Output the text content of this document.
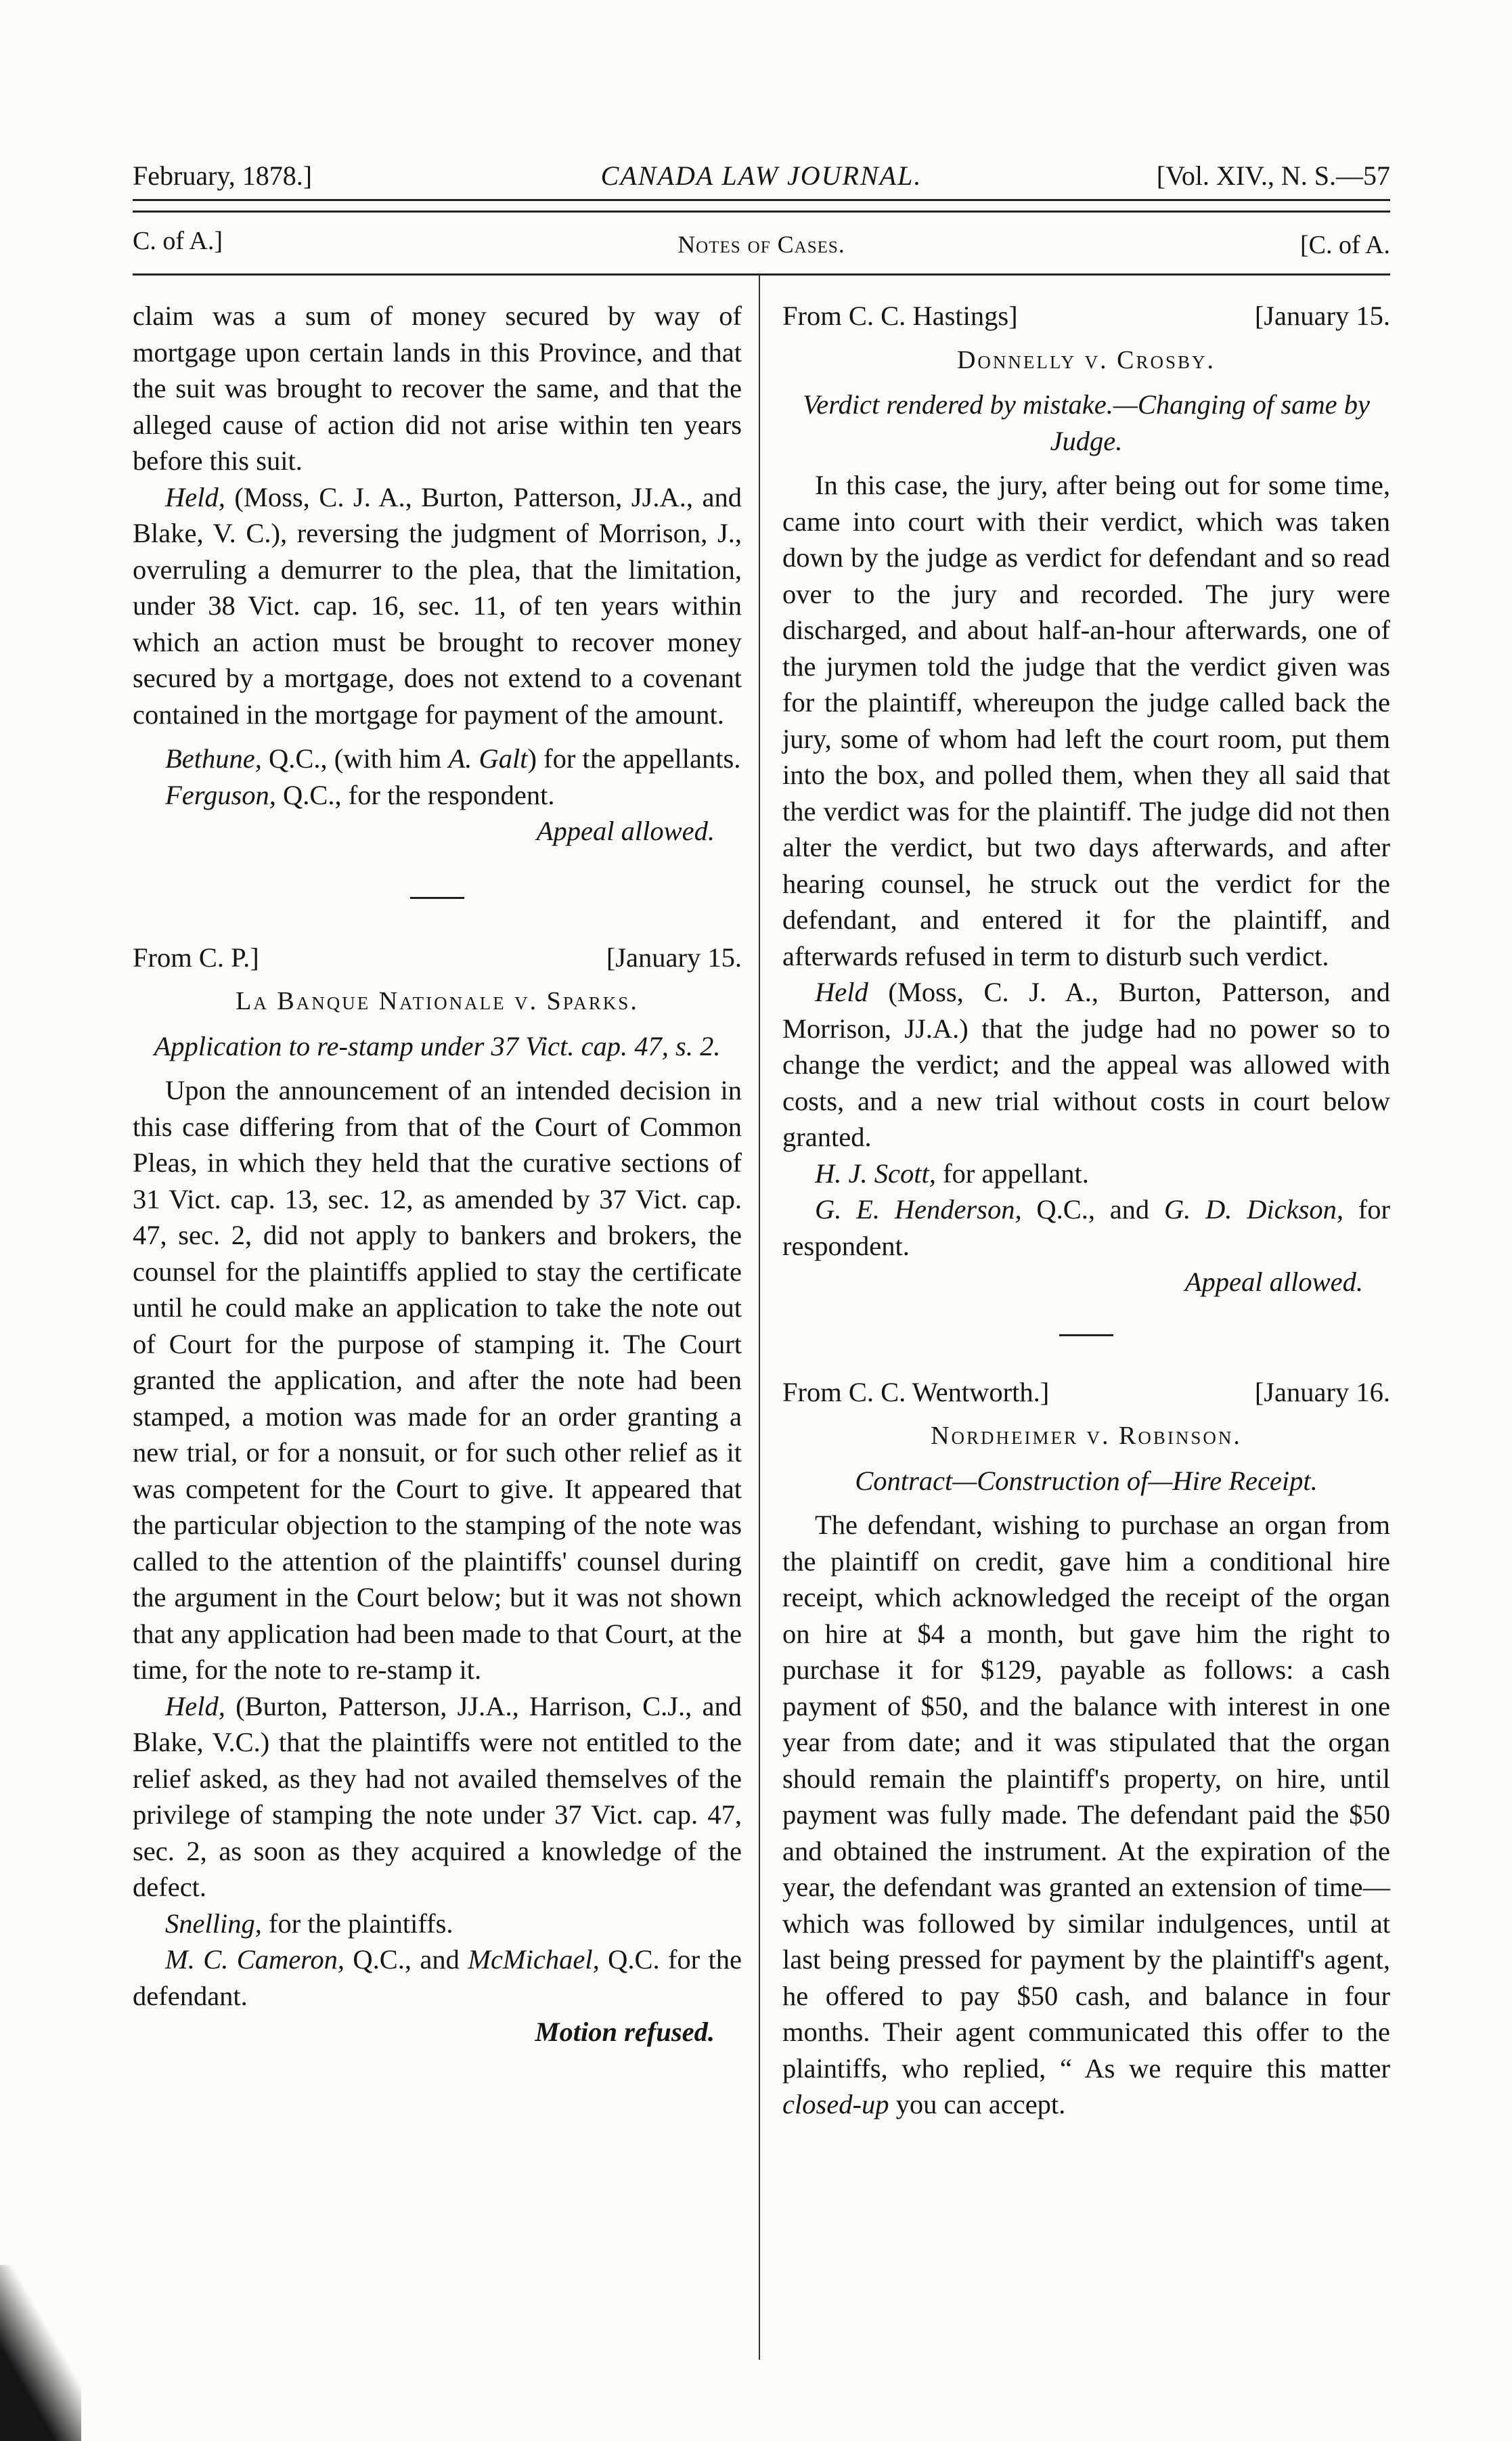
February, 1878.]	CANADA LAW JOURNAL.	[Vol. XIV., N. S.—57
C. of A.]	Notes of Cases.	[C. of A.

claim was a sum of money secured by way of mortgage upon certain lands in this Province, and that the suit was brought to recover the same, and that the alleged cause of action did not arise within ten years before this suit.

Held, (Moss, C. J. A., Burton, Patterson, JJ.A., and Blake, V. C.), reversing the judgment of Morrison, J., overruling a demurrer to the plea, that the limitation, under 38 Vict. cap. 16, sec. 11, of ten years within which an action must be brought to recover money secured by a mortgage, does not extend to a covenant contained in the mortgage for payment of the amount.

Bethune, Q.C., (with him A. Galt) for the appellants.

Ferguson, Q.C., for the respondent.

Appeal allowed.

From C. P.]	[January 15.

La Banque Nationale v. Sparks.

Application to re-stamp under 37 Vict. cap. 47, s. 2.

Upon the announcement of an intended decision in this case differing from that of the Court of Common Pleas, in which they held that the curative sections of 31 Vict. cap. 13, sec. 12, as amended by 37 Vict. cap. 47, sec. 2, did not apply to bankers and brokers, the counsel for the plaintiffs applied to stay the certificate until he could make an application to take the note out of Court for the purpose of stamping it. The Court granted the application, and after the note had been stamped, a motion was made for an order granting a new trial, or for a nonsuit, or for such other relief as it was competent for the Court to give. It appeared that the particular objection to the stamping of the note was called to the attention of the plaintiffs' counsel during the argument in the Court below; but it was not shown that any application had been made to that Court, at the time, for the note to re-stamp it.

Held, (Burton, Patterson, JJ.A., Harrison, C.J., and Blake, V.C.) that the plaintiffs were not entitled to the relief asked, as they had not availed themselves of the privilege of stamping the note under 37 Vict. cap. 47, sec. 2, as soon as they acquired a knowledge of the defect.

Snelling, for the plaintiffs.

M. C. Cameron, Q.C., and McMichael, Q.C. for the defendant.

Motion refused.

From C. C. Hastings]	[January 15.

Donnelly v. Crosby.

Verdict rendered by mistake.—Changing of same by Judge.

In this case, the jury, after being out for some time, came into court with their verdict, which was taken down by the judge as verdict for defendant and so read over to the jury and recorded. The jury were discharged, and about half-an-hour afterwards, one of the jurymen told the judge that the verdict given was for the plaintiff, whereupon the judge called back the jury, some of whom had left the court room, put them into the box, and polled them, when they all said that the verdict was for the plaintiff. The judge did not then alter the verdict, but two days afterwards, and after hearing counsel, he struck out the verdict for the defendant, and entered it for the plaintiff, and afterwards refused in term to disturb such verdict.

Held (Moss, C. J. A., Burton, Patterson, and Morrison, JJ.A.) that the judge had no power so to change the verdict; and the appeal was allowed with costs, and a new trial without costs in court below granted.

H. J. Scott, for appellant.

G. E. Henderson, Q.C., and G. D. Dickson, for respondent.

Appeal allowed.

From C. C. Wentworth.]	[January 16.

Nordheimer v. Robinson.

Contract—Construction of—Hire Receipt.

The defendant, wishing to purchase an organ from the plaintiff on credit, gave him a conditional hire receipt, which acknowledged the receipt of the organ on hire at $4 a month, but gave him the right to purchase it for $129, payable as follows: a cash payment of $50, and the balance with interest in one year from date; and it was stipulated that the organ should remain the plaintiff's property, on hire, until payment was fully made. The defendant paid the $50 and obtained the instrument. At the expiration of the year, the defendant was granted an extension of time—which was followed by similar indulgences, until at last being pressed for payment by the plaintiff's agent, he offered to pay $50 cash, and balance in four months. Their agent communicated this offer to the plaintiffs, who replied, “ As we require this matter closed-up you can accept.
